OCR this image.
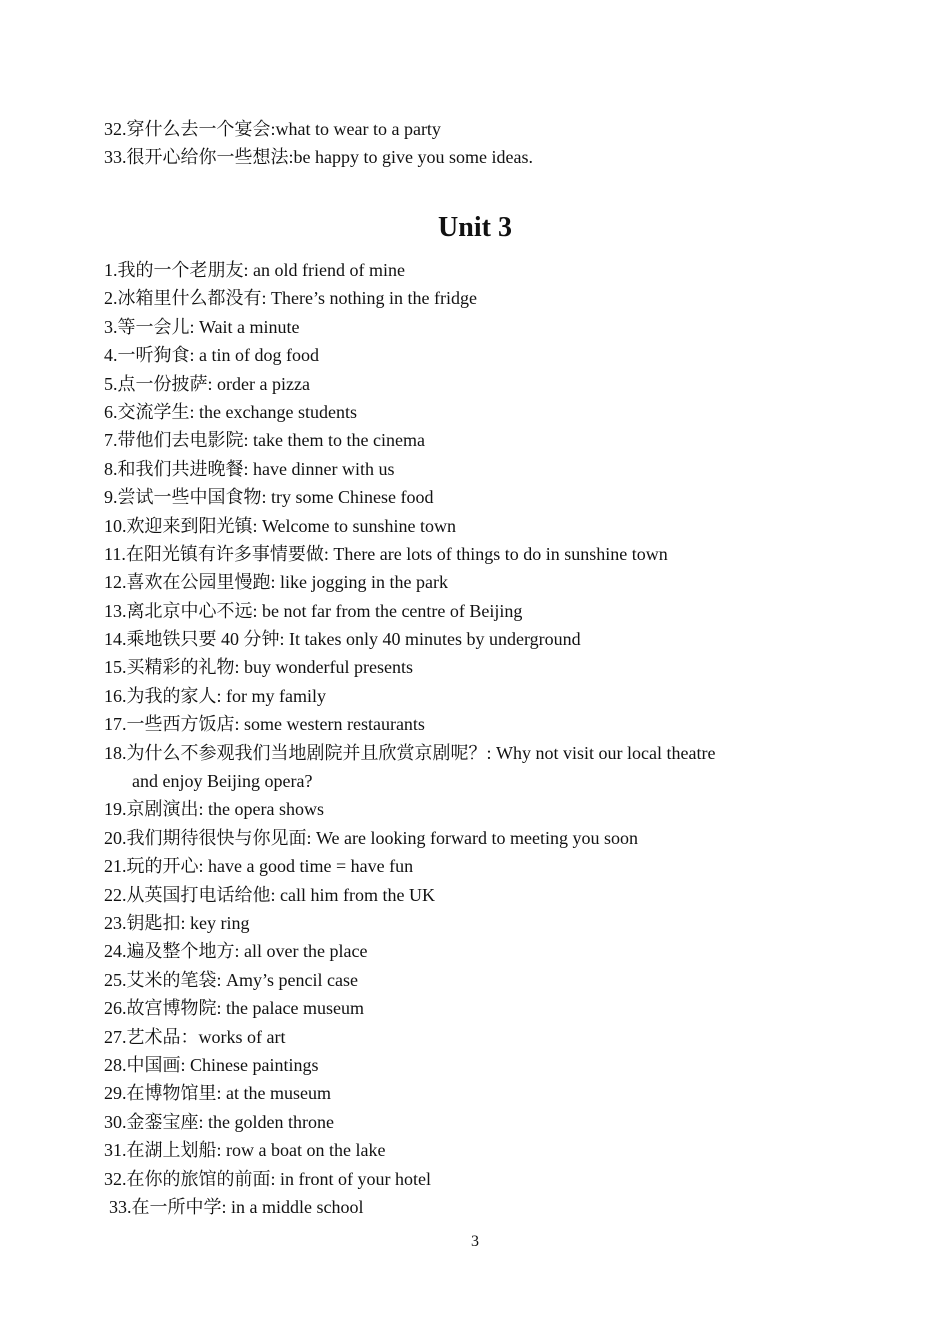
32.穿什么去一个宴会:what to wear to a party
33.很开心给你一些想法:be happy to give you some ideas.
Unit 3
1.我的一个老朋友: an old friend of mine
2.冰箱里什么都没有: There’s nothing in the fridge
3.等一会儿: Wait a minute
4.一听狗食: a tin of dog food
5.点一份披萨: order a pizza
6.交流学生: the exchange students
7.带他们去电影院: take them to the cinema
8.和我们共进晚餐: have dinner with us
9.尝试一些中国食物: try some Chinese food
10.欢迎来到阳光镇: Welcome to sunshine town
11.在阳光镇有许多事情要做: There are lots of things to do in sunshine town
12.喜欢在公园里慢跑: like jogging in the park
13.离北京中心不远: be not far from the centre of Beijing
14.乘地铁只要 40 分钟: It takes only 40 minutes by underground
15.买精彩的礼物: buy wonderful presents
16.为我的家人: for my family
17.一些西方饭店: some western restaurants
18.为什么不参观我们当地剧院并且欣赏京剧呢？: Why not visit our local theatre
and enjoy Beijing opera?
19.京剧演出: the opera shows
20.我们期待很快与你见面: We are looking forward to meeting you soon
21.玩的开心: have a good time = have fun
22.从英国打电话给他: call him from the UK
23.钥匙扣: key ring
24.遍及整个地方: all over the place
25.艾米的笔袋: Amy’s pencil case
26.故宫博物院: the palace museum
27.艺术品：works of art
28.中国画: Chinese paintings
29.在博物馆里: at the museum
30.金銮宝座: the golden throne
31.在湖上划船: row a boat on the lake
32.在你的旅馆的前面: in front of your hotel
33.在一所中学: in a middle school
3
